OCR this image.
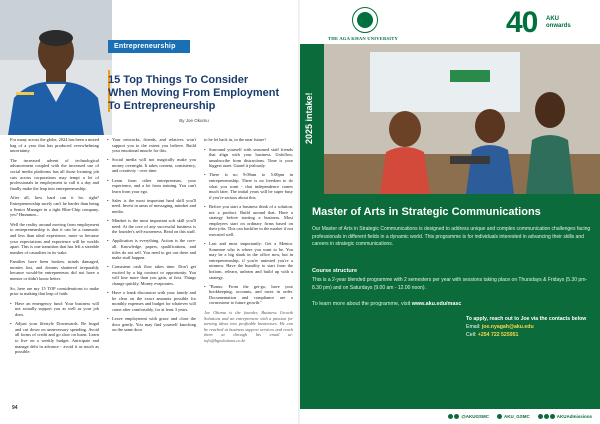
Entrepreneurship
15 Top Things To Consider When Moving From Employment To Entrepreneurship
By Joe Okumu

For many across the globe, 2024 has been a mixed bag of a year that has produced overwhelming uncertainty.

The increased advent of technological advancement coupled with the increased use of social media platforms has all those looming job cuts across corporations may tempt a lot of professionals in employment to call it a day and finally make the leap into entrepreneurship.

After all, how hard can it be, right? Entrepreneurship surely can't be harder than being a Senior Manager in a tight Blue-Chip company, yes? Hmmmm...

Well the reality around moving from employment to entrepreneurship is that it can be a traumatic and less than ideal experience, more so because your expectations and experience will be worlds apart. This is one transition that has left a sizeable number of casualties in its wake.

Families have been broken, minds damaged, monies lost, and dreams shattered irreparably because would-be entrepreneurs did not have a mentor or didn't know better.

So, here are my 15 TOP considerations to make prior to making that leap of faith:

• Have an emergency fund: Your business will not actually support you as well as your job does.
• Adjust your lifestyle Downwards. Be frugal and cut down on unnecessary spending. Avoid all forms of credit and go slow on loans. Learn to live on a weekly budget. Anticipate and manage debt in advance - avoid it as much as possible.
• Your networks, friends, and relatives won't support you to the extent you believe. Build your emotional muscle for this.
• Social media will not magically make you money overnight. It takes content, consistency, and creativity - over time.
• Learn from other entrepreneurs, your experience, and a lot from training. You can't learn from your ego.
• Sales is the most important hard skill you'll need. Invest in areas of messaging, mindset and media.
• Mindset is the most important soft skill you'll need. At the core of any successful business is the founder's self-awareness. Read on this stuff.
• Application is everything. Action is the core-all. Knowledge, papers, qualifications, and titles do not sell. You need to get out there and make stuff happen.
• Consistent cash flow takes time. Don't get excited by a big contract or opportunity. You will lose more than you gain, at first. Things change quickly. Money evaporates.
• Have a frank discussion with your family and be clear on the exact amounts possible for monthly expenses and budget for whatever will come after comfortably, for at least 3 years.
• Leave employment with grace and close the door gently. You may find yourself knocking on the same door

to be let back in, in the near future!

• Surround yourself with seasoned staff friends that align with your business. Unfollow, unsubscribe from distractions. Time is your biggest asset. Guard it jealously.
• There is no 9:00am to 5:00pm in entrepreneurship. There is no freedom to do what you want - that independence comes much later. The initial years will be super busy if you're serious about this.
• Before you start a business think of a solution, not a product. Build around that. Have a strategy before starting a business. Most employees start on ordinary firms based on their jobs. This can backfire in the market if not executed well.
• Last and most importantly: Get a Mentor. Someone who is where you want to be. You may be a big shark in the office now, but in entrepreneurship, if you're untested you're a minnow. Have the humility to start from the bottom, relearn, unlearn and build up with a strategy.
• "Bonus: From the get-go, have your bookkeeping, accounts, and taxes in order. Documentation and compliance are a cornerstone to future growth."

Joe Okumu is the founder, Business Growth Solutions and an entrepreneur with a passion for turning ideas into profitable businesses. He can be reached at business support services and reach them at through his email at: info@bgsolutions.co.ke

94
THE AGA KHAN UNIVERSITY	40 AKU
onwards
2025 intake!
Master of Arts in Strategic Communications
Our Master of Arts in Strategic Communications is designed to address unique and complex communication challenges facing professionals in different fields in a dynamic world. This programme is for individuals interested in advancing their skills and careers in strategic communications.
Course structure
This is a 2-year blended programme with 2 semesters per year with sessions taking place on Thursdays & Fridays (5.30 pm-8.30 pm) and on Saturdays (9.00 am - 12.00 noon).
To learn more about the programme, visit www.aku.edu/masc
To apply, reach out to Joe via the contacts below
Email: joe.nyagah@aku.edu
Cell: +254 722 525951
@AKUGSMC	AKU_GSMC	AKUAdmissions
